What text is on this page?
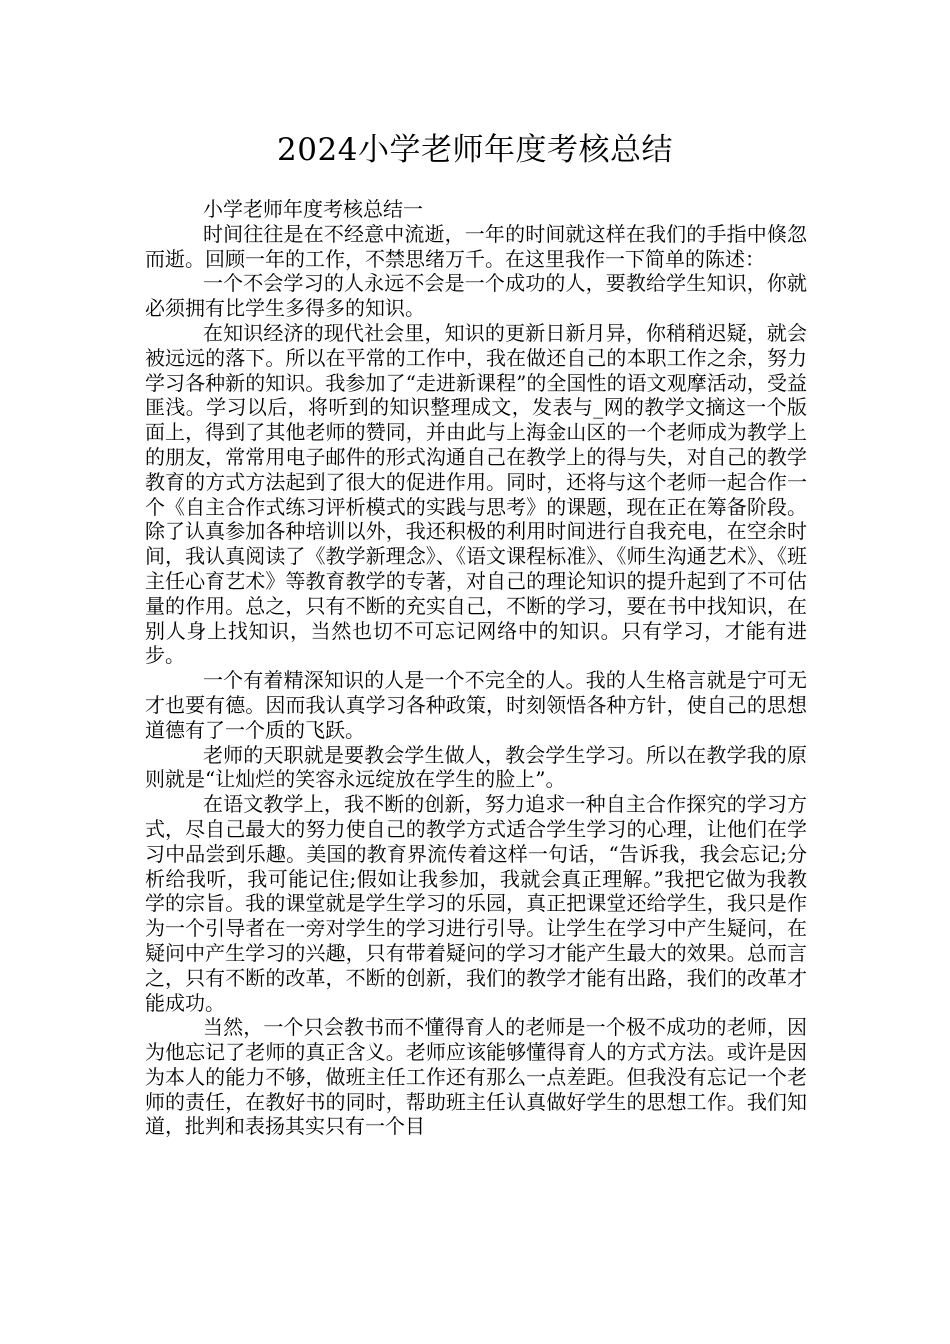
2024小学老师年度考核总结

小学老师年度考核总结一

时间往往是在不经意中流逝，一年的时间就这样在我们的手指中倏忽而逝。回顾一年的工作，不禁思绪万千。在这里我作一下简单的陈述：

一个不会学习的人永远不会是一个成功的人，要教给学生知识，你就必须拥有比学生多得多的知识。

在知识经济的现代社会里，知识的更新日新月异，你稍稍迟疑，就会被远远的落下。所以在平常的工作中，我在做还自己的本职工作之余，努力学习各种新的知识。我参加了“走进新课程”的全国性的语文观摩活动，受益匪浅。学习以后，将听到的知识整理成文，发表与_网的教学文摘这一个版面上，得到了其他老师的赞同，并由此与上海金山区的一个老师成为教学上的朋友，常常用电子邮件的形式沟通自己在教学上的得与失，对自己的教学教育的方式方法起到了很大的促进作用。同时，还将与这个老师一起合作一个《自主合作式练习评析模式的实践与思考》的课题，现在正在筹备阶段。除了认真参加各种培训以外，我还积极的利用时间进行自我充电，在空余时间，我认真阅读了《教学新理念》、《语文课程标准》、《师生沟通艺术》、《班主任心育艺术》等教育教学的专著，对自己的理论知识的提升起到了不可估量的作用。总之，只有不断的充实自己，不断的学习，要在书中找知识，在别人身上找知识，当然也切不可忘记网络中的知识。只有学习，才能有进步。

一个有着精深知识的人是一个不完全的人。我的人生格言就是宁可无才也要有德。因而我认真学习各种政策，时刻领悟各种方针，使自己的思想道德有了一个质的飞跃。

老师的天职就是要教会学生做人，教会学生学习。所以在教学我的原则就是“让灿烂的笑容永远绽放在学生的脸上”。

在语文教学上，我不断的创新，努力追求一种自主合作探究的学习方式，尽自己最大的努力使自己的教学方式适合学生学习的心理，让他们在学习中品尝到乐趣。美国的教育界流传着这样一句话，“告诉我，我会忘记;分析给我听，我可能记住;假如让我参加，我就会真正理解。”我把它做为我教学的宗旨。我的课堂就是学生学习的乐园，真正把课堂还给学生，我只是作为一个引导者在一旁对学生的学习进行引导。让学生在学习中产生疑问，在疑问中产生学习的兴趣，只有带着疑问的学习才能产生最大的效果。总而言之，只有不断的改革，不断的创新，我们的教学才能有出路，我们的改革才能成功。

当然，一个只会教书而不懂得育人的老师是一个极不成功的老师，因为他忘记了老师的真正含义。老师应该能够懂得育人的方式方法。或许是因为本人的能力不够，做班主任工作还有那么一点差距。但我没有忘记一个老师的责任，在教好书的同时，帮助班主任认真做好学生的思想工作。我们知道，批判和表扬其实只有一个目
